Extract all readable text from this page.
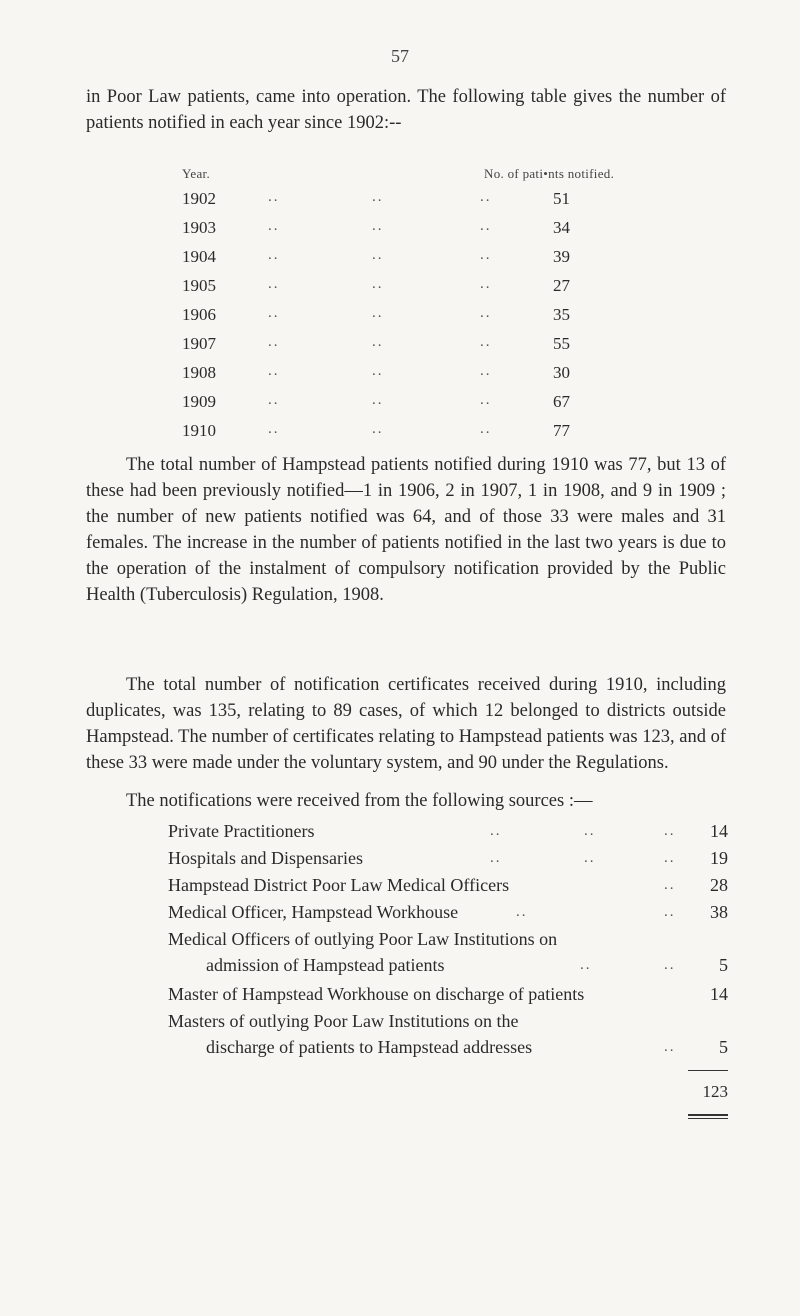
57

in Poor Law patients, came into operation. The following table gives the number of patients notified in each year since 1902:--

Year.	No. of pati•nts notified.
1902	..	..	..	51
1903	..	..	..	34
1904	..	..	..	39
1905	..	..	..	27
1906	..	..	..	35
1907	..	..	..	55
1908	..	..	..	30
1909	..	..	..	67
1910	..	..	..	77

The total number of Hampstead patients notified during 1910 was 77, but 13 of these had been previously notified—1 in 1906, 2 in 1907, 1 in 1908, and 9 in 1909 ; the number of new patients notified was 64, and of those 33 were males and 31 females. The increase in the number of patients notified in the last two years is due to the operation of the instalment of compulsory notification provided by the Public Health (Tuberculosis) Regulation, 1908.

The total number of notification certificates received during 1910, including duplicates, was 135, relating to 89 cases, of which 12 belonged to districts outside Hampstead. The number of certificates relating to Hampstead patients was 123, and of these 33 were made under the voluntary system, and 90 under the Regulations.

The notifications were received from the following sources :—
Private Practitioners	..	..	..	14
Hospitals and Dispensaries	..	..	..	19
Hampstead District Poor Law Medical Officers	..	28
Medical Officer, Hampstead Workhouse	..	..	38
Medical Officers of outlying Poor Law Institutions on
admission of Hampstead patients	..	..	5
Master of Hampstead Workhouse on discharge of patients	14
Masters of outlying Poor Law Institutions on the
discharge of patients to Hampstead addresses	..	5
123
